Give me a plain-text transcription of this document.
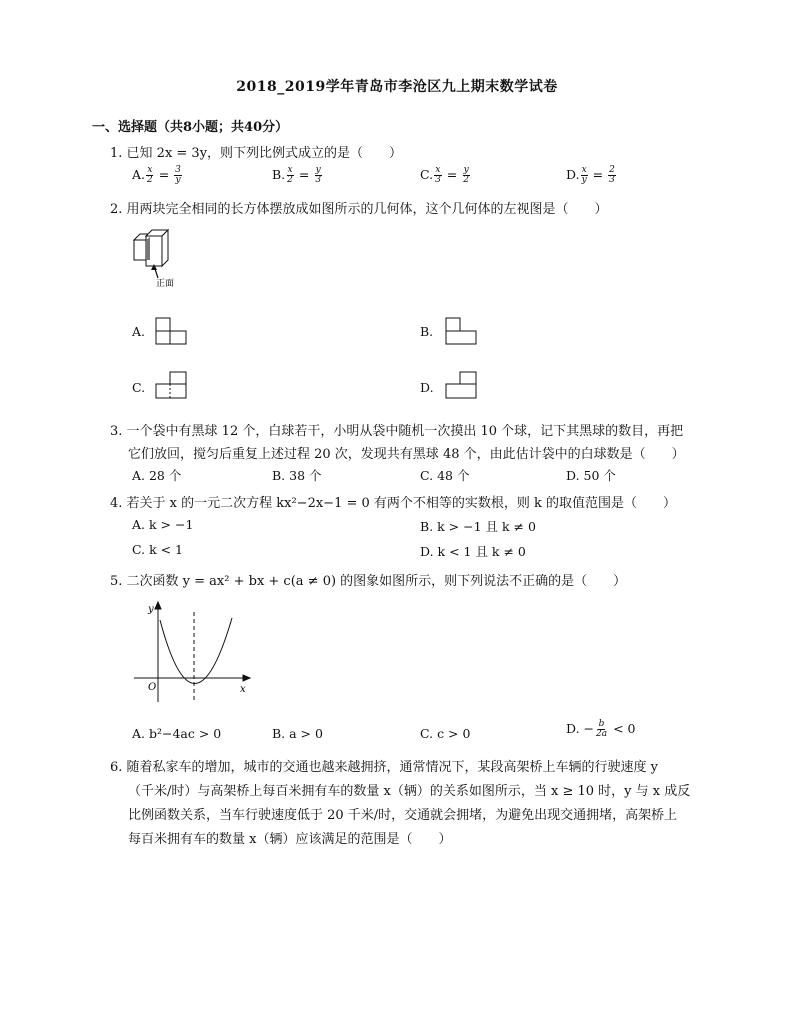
2018_2019学年青岛市李沧区九上期末数学试卷
一、选择题（共8小题；共40分）
1. 已知 2x = 3y，则下列比例式成立的是（　　）
A. $\frac{x}{2} = \frac{3}{y}$	B. $\frac{x}{2} = \frac{y}{3}$	C. $\frac{x}{3} = \frac{y}{2}$	D. $\frac{x}{y} = \frac{2}{3}$
2. 用两块完全相同的长方体摆放成如图所示的几何体，这个几何体的左视图是（　　）
正面
A.	B.
C.	D.
3. 一个袋中有黑球 12 个，白球若干，小明从袋中随机一次摸出 10 个球，记下其黑球的数目，再把
它们放回，搅匀后重复上述过程 20 次，发现共有黑球 48 个，由此估计袋中的白球数是（　　）
A. 28 个	B. 38 个	C. 48 个	D. 50 个
4. 若关于 x 的一元二次方程 kx²−2x−1 = 0 有两个不相等的实数根，则 k 的取值范围是（　　）
A. k > −1	B. k > −1 且 k ≠ 0
C. k < 1	D. k < 1 且 k ≠ 0
5. 二次函数 y = ax² + bx + c(a ≠ 0) 的图象如图所示，则下列说法不正确的是（　　）
y
x
O
A. b²−4ac > 0	B. a > 0	C. c > 0	D. − $\frac{b}{2a} < 0$
6. 随着私家车的增加，城市的交通也越来越拥挤，通常情况下，某段高架桥上车辆的行驶速度 y
（千米/时）与高架桥上每百米拥有车的数量 x（辆）的关系如图所示，当 x ≥ 10 时，y 与 x 成反
比例函数关系，当车行驶速度低于 20 千米/时，交通就会拥堵，为避免出现交通拥堵，高架桥上
每百米拥有车的数量 x（辆）应该满足的范围是（　　）
